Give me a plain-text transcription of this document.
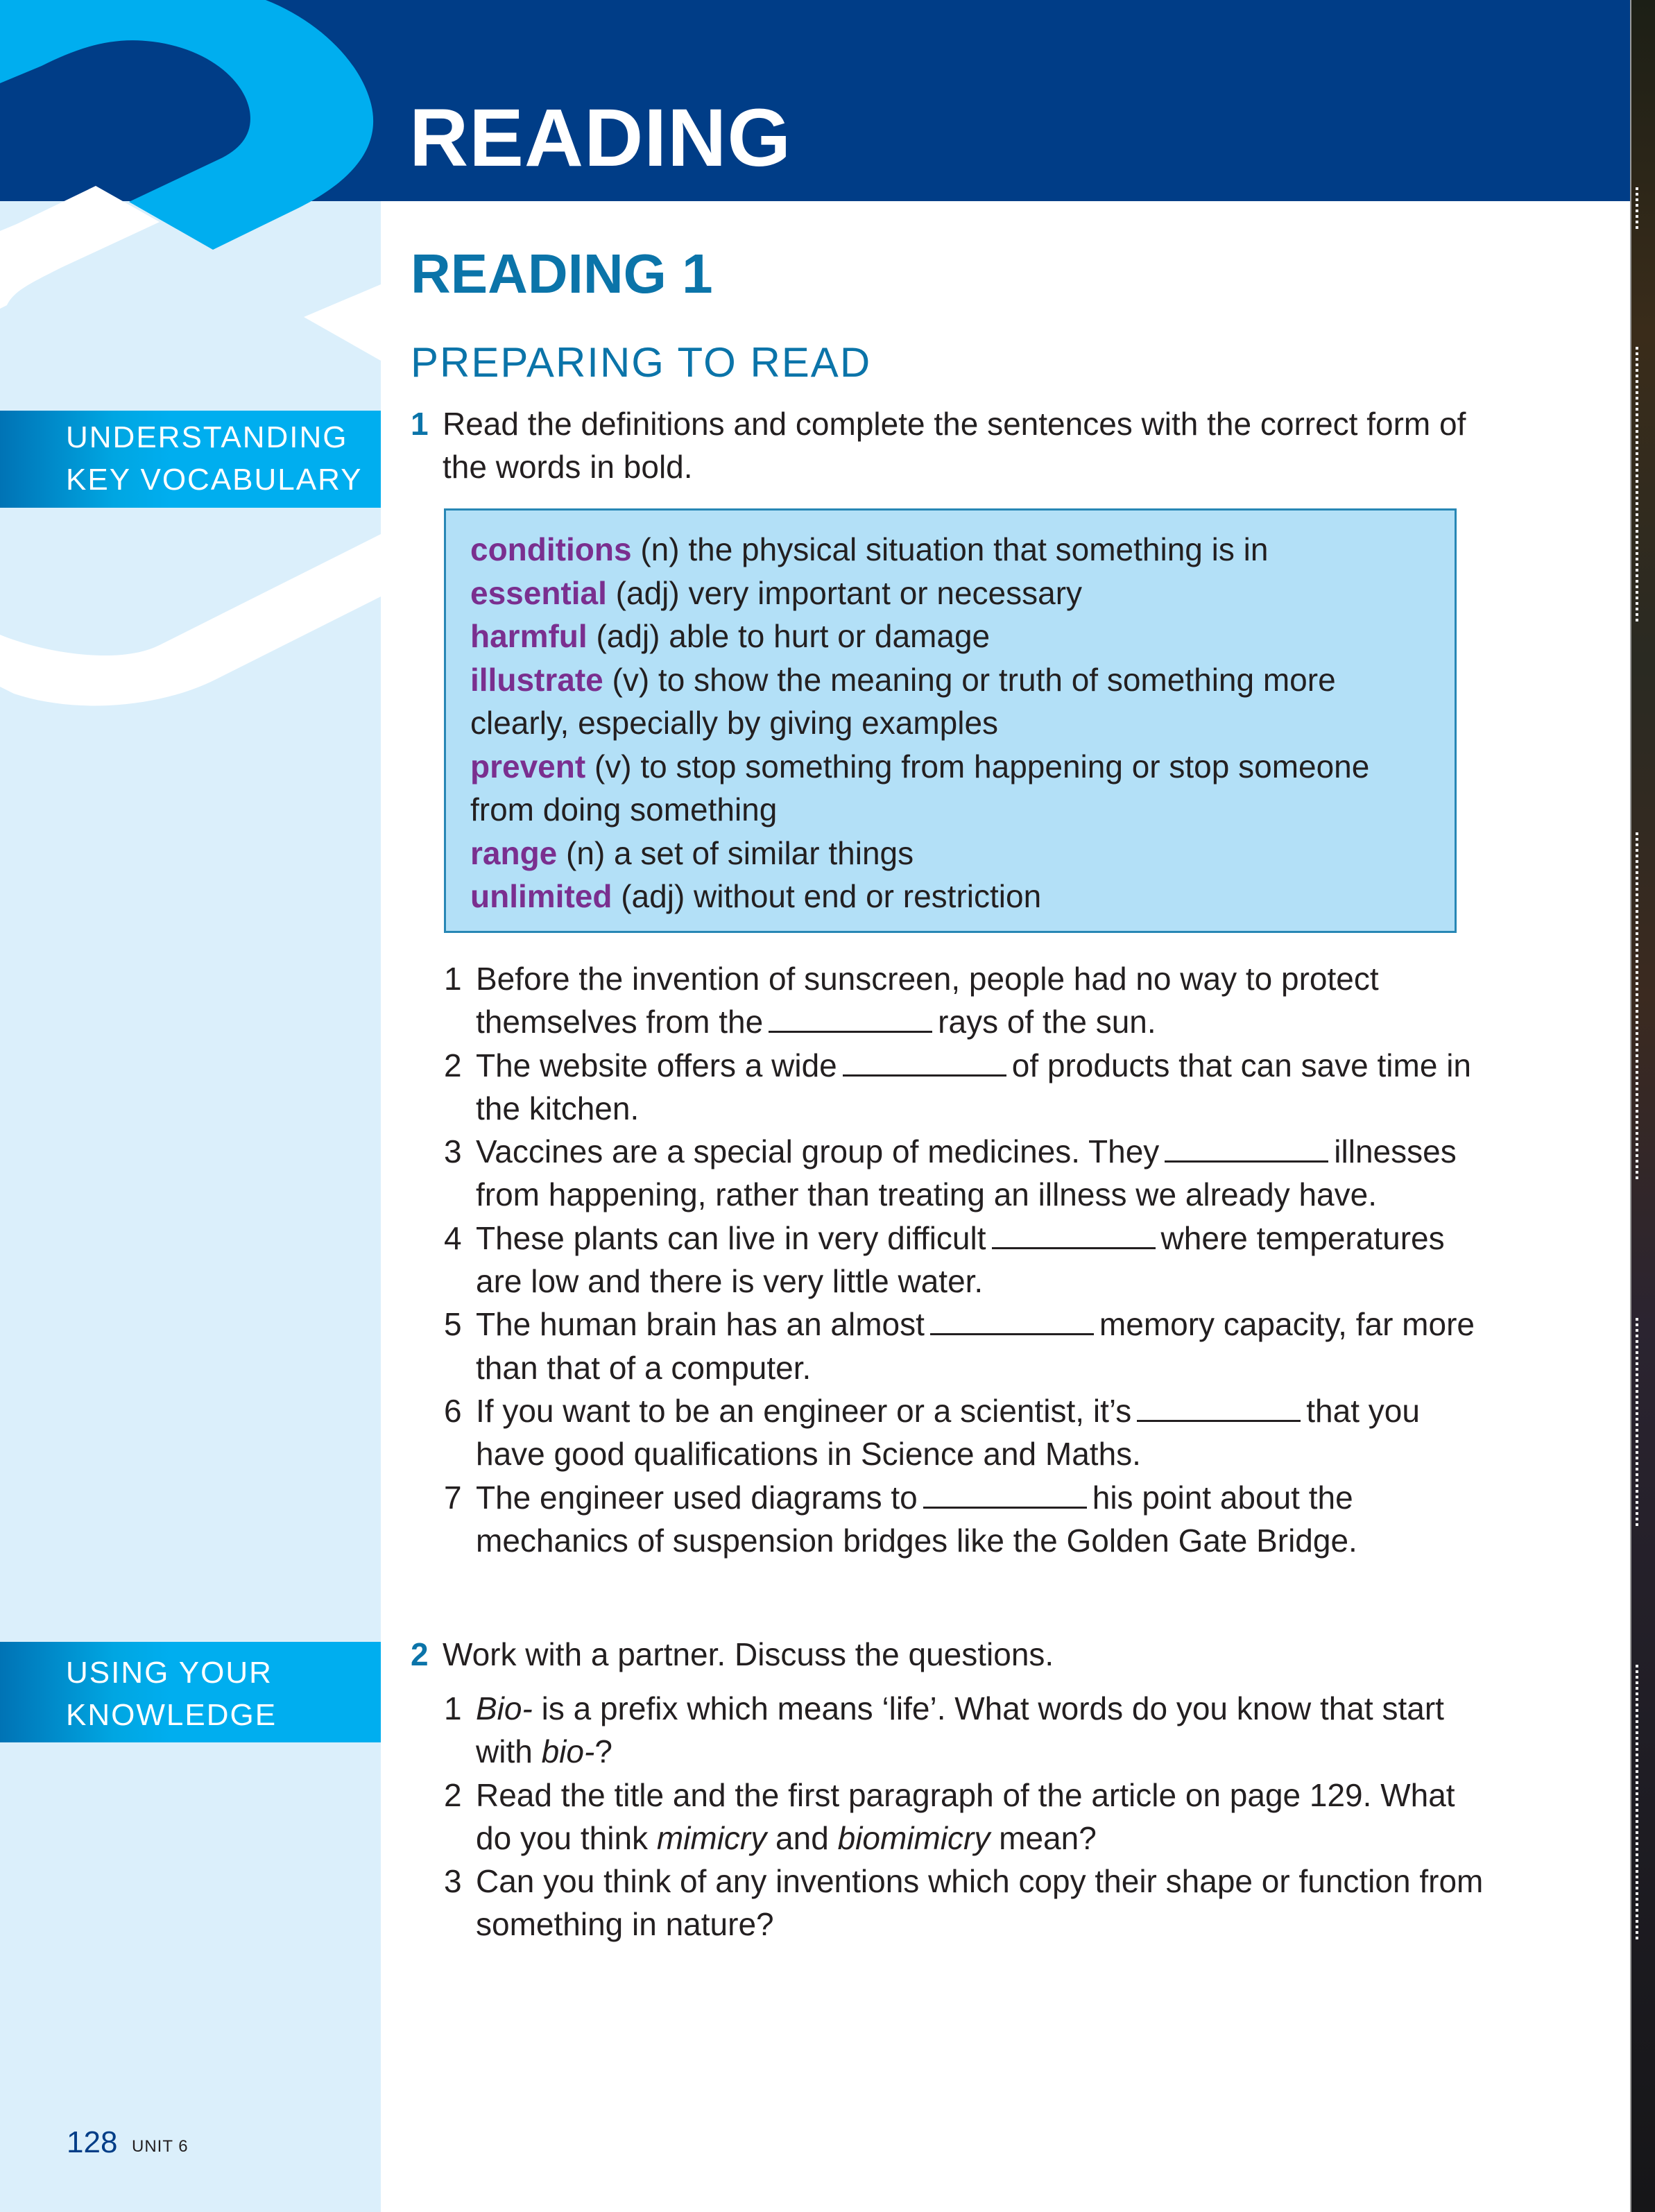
READING
READING 1
PREPARING TO READ
UNDERSTANDING
KEY VOCABULARY
USING YOUR
KNOWLEDGE
1 Read the definitions and complete the sentences with the correct form of the words in bold.
conditions (n) the physical situation that something is in
essential (adj) very important or necessary
harmful (adj) able to hurt or damage
illustrate (v) to show the meaning or truth of something more clearly, especially by giving examples
prevent (v) to stop something from happening or stop someone from doing something
range (n) a set of similar things
unlimited (adj) without end or restriction
1 Before the invention of sunscreen, people had no way to protect themselves from the	rays of the sun.
2 The website offers a wide	of products that can save time in the kitchen.
3 Vaccines are a special group of medicines. They	illnesses from happening, rather than treating an illness we already have.
4 These plants can live in very difficult	where temperatures are low and there is very little water.
5 The human brain has an almost	memory capacity, far more than that of a computer.
6 If you want to be an engineer or a scientist, it’s	that you have good qualifications in Science and Maths.
7 The engineer used diagrams to	his point about the mechanics of suspension bridges like the Golden Gate Bridge.
2 Work with a partner. Discuss the questions.
1 Bio- is a prefix which means ‘life’. What words do you know that start with bio-?
2 Read the title and the first paragraph of the article on page 129. What do you think mimicry and biomimicry mean?
3 Can you think of any inventions which copy their shape or function from something in nature?
128 UNIT 6
